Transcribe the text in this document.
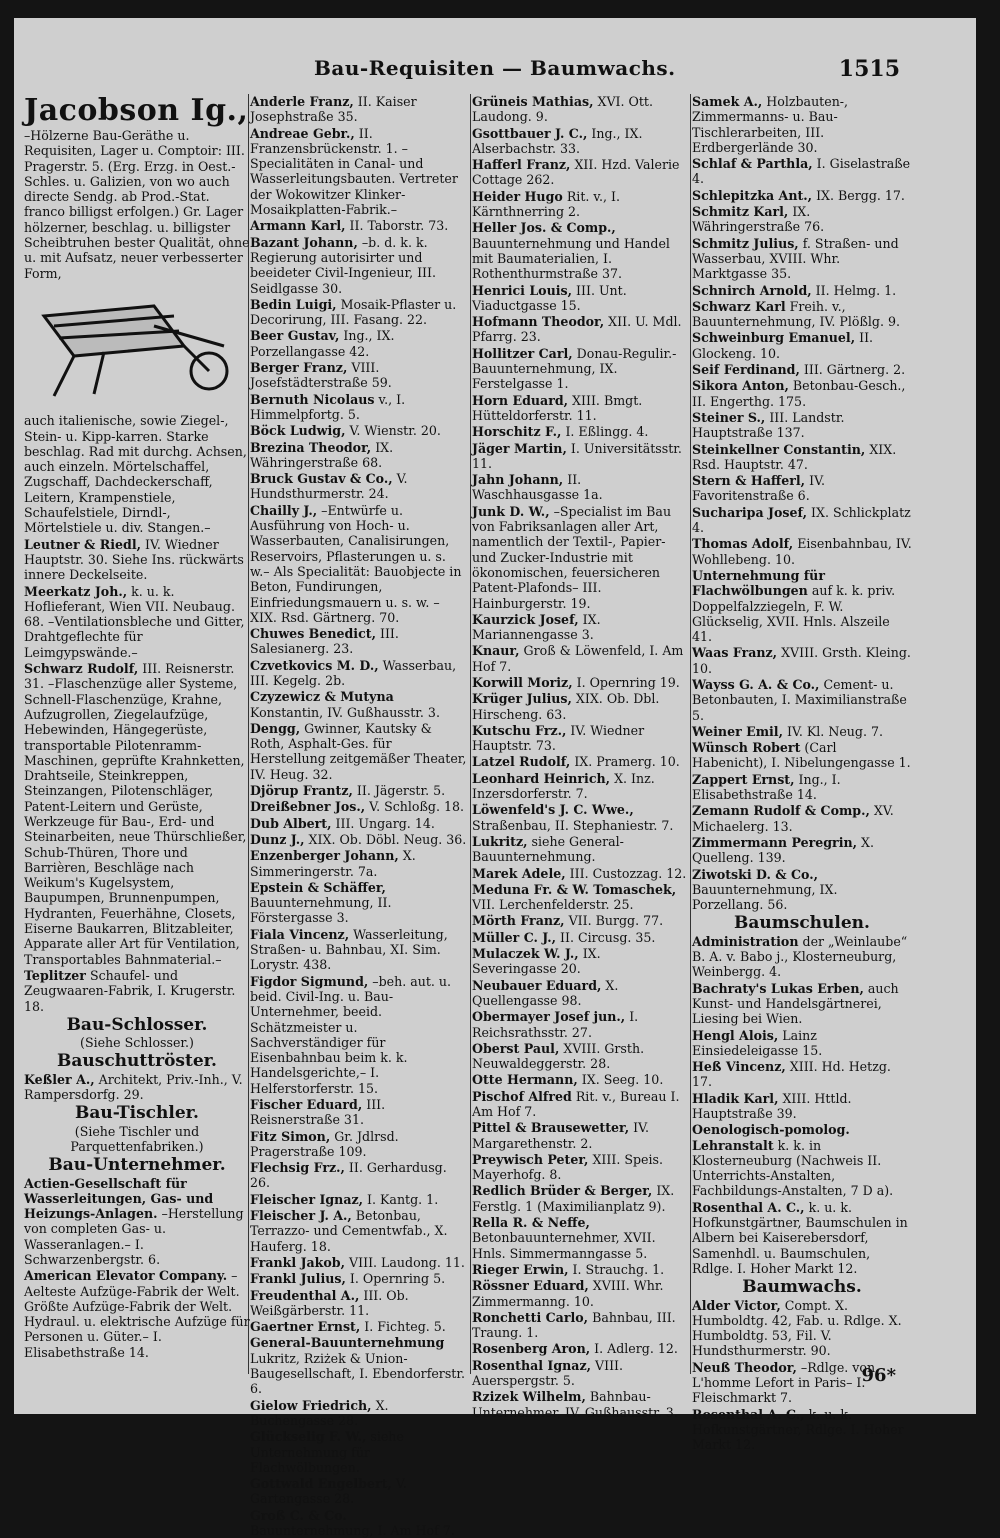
Bau-Requisiten — Baumwachs.	1515
Jacobson Ig.,
–Hölzerne Bau-Geräthe u. Requisiten, Lager u. Comptoir: III. Pragerstr. 5. (Erg. Erzg. in Oest.-Schles. u. Galizien, von wo auch directe Sendg. ab Prod.-Stat. franco billigst erfolgen.) Gr. Lager hölzerner, beschlag. u. billigster Scheibtruhen bester Qualität, ohne u. mit Aufsatz, neuer verbesserter Form,
auch italienische, sowie Ziegel-, Stein- u. Kipp-karren. Starke beschlag. Rad mit durchg. Achsen, auch einzeln. Mörtelschaffel, Zugschaff, Dachdeckerschaff, Leitern, Krampenstiele, Schaufelstiele, Dirndl-, Mörtelstiele u. div. Stangen.–
Leutner & Riedl, IV. Wiedner Hauptstr. 30. Siehe Ins. rückwärts innere Deckelseite.
Meerkatz Joh., k. u. k. Hoflieferant, Wien VII. Neubaug. 68. –Ventilationsbleche und Gitter, Drahtgeflechte für Leimgypswände.–
Schwarz Rudolf, III. Reisnerstr. 31. –Flaschenzüge aller Systeme, Schnell-Flaschenzüge, Krahne, Aufzugrollen, Ziegelaufzüge, Hebewinden, Hängegerüste, transportable Pilotenramm-Maschinen, geprüfte Krahnketten, Drahtseile, Steinkreppen, Steinzangen, Pilotenschläger, Patent-Leitern und Gerüste, Werkzeuge für Bau-, Erd- und Steinarbeiten, neue Thürschließer, Schub-Thüren, Thore und Barrièren, Beschläge nach Weikum's Kugelsystem, Baupumpen, Brunnenpumpen, Hydranten, Feuerhähne, Closets, Eiserne Baukarren, Blitzableiter, Apparate aller Art für Ventilation, Transportables Bahnmaterial.–
Teplitzer Schaufel- und Zeugwaaren-Fabrik, I. Krugerstr. 18.
Bau-Schlosser.
(Siehe Schlosser.)
Bauschuttröster.
Keßler A., Architekt, Priv.-Inh., V. Rampersdorfg. 29.
Bau-Tischler.
(Siehe Tischler und Parquettenfabriken.)
Bau-Unternehmer.
Actien-Gesellschaft für Wasserleitungen, Gas- und Heizungs-Anlagen. –Herstellung von completen Gas- u. Wasseranlagen.– I. Schwarzenbergstr. 6.
American Elevator Company. –Aelteste Aufzüge-Fabrik der Welt. Größte Aufzüge-Fabrik der Welt. Hydraul. u. elektrische Aufzüge für Personen u. Güter.– I. Elisabethstraße 14.
Anderle Franz, II. Kaiser Josephstraße 35.
Andreae Gebr., II. Franzensbrückenstr. 1. –Specialitäten in Canal- und Wasserleitungsbauten. Vertreter der Wokowitzer Klinker-Mosaikplatten-Fabrik.–
Armann Karl, II. Taborstr. 73.
Bazant Johann, –b. d. k. k. Regierung autorisirter und beeideter Civil-Ingenieur, III. Seidlgasse 30.
Bedin Luigi, Mosaik-Pflaster u. Decorirung, III. Fasang. 22.
Beer Gustav, Ing., IX. Porzellangasse 42.
Berger Franz, VIII. Josefstädterstraße 59.
Bernuth Nicolaus v., I. Himmelpfortg. 5.
Böck Ludwig, V. Wienstr. 20.
Brezina Theodor, IX. Währingerstraße 68.
Bruck Gustav & Co., V. Hundsthurmerstr. 24.
Chailly J., –Entwürfe u. Ausführung von Hoch- u. Wasserbauten, Canalisirungen, Reservoirs, Pflasterungen u. s. w.– Als Specialität: Bauobjecte in Beton, Fundirungen, Einfriedungsmauern u. s. w. – XIX. Rsd. Gärtnerg. 70.
Chuwes Benedict, III. Salesianerg. 23.
Czvetkovics M. D., Wasserbau, III. Kegelg. 2b.
Czyzewicz & Mutyna Konstantin, IV. Gußhausstr. 3.
Dengg, Gwinner, Kautsky & Roth, Asphalt-Ges. für Herstellung zeitgemäßer Theater, IV. Heug. 32.
Djörup Frantz, II. Jägerstr. 5.
Dreißebner Jos., V. Schloßg. 18.
Dub Albert, III. Ungarg. 14.
Dunz J., XIX. Ob. Döbl. Neug. 36.
Enzenberger Johann, X. Simmeringerstr. 7a.
Epstein & Schäffer, Bauunternehmung, II. Förstergasse 3.
Fiala Vincenz, Wasserleitung, Straßen- u. Bahnbau, XI. Sim. Lorystr. 438.
Figdor Sigmund, –beh. aut. u. beid. Civil-Ing. u. Bau-Unternehmer, beeid. Schätzmeister u. Sachverständiger für Eisenbahnbau beim k. k. Handelsgerichte,– I. Helferstorferstr. 15.
Fischer Eduard, III. Reisnerstraße 31.
Fitz Simon, Gr. Jdlrsd. Pragerstraße 109.
Flechsig Frz., II. Gerhardusg. 26.
Fleischer Ignaz, I. Kantg. 1.
Fleischer J. A., Betonbau, Terrazzo- und Cementwfab., X. Hauferg. 18.
Frankl Jakob, VIII. Laudong. 11.
Frankl Julius, I. Opernring 5.
Freudenthal A., III. Ob. Weißgärberstr. 11.
Gaertner Ernst, I. Fichteg. 5.
General-Bauunternehmung Lukritz, Rziżek & Union-Baugesellschaft, I. Ebendorferstr. 6.
Gielow Friedrich, X. Buchengasse 28.
Glückselig F. W., siehe Unternehmung für Flachwölbungen.
Gottwald Engelbert, V. Gartengasse 28.
Groß C. & Co. Bauunternehmung, I. Am Hof 7.
Grüneis Mathias, XVI. Ott. Laudong. 9.
Gsottbauer J. C., Ing., IX. Alserbachstr. 33.
Hafferl Franz, XII. Hzd. Valerie Cottage 262.
Heider Hugo Rit. v., I. Kärnthnerring 2.
Heller Jos. & Comp., Bauunternehmung und Handel mit Baumaterialien, I. Rothenthurmstraße 37.
Henrici Louis, III. Unt. Viaductgasse 15.
Hofmann Theodor, XII. U. Mdl. Pfarrg. 23.
Hollitzer Carl, Donau-Regulir.-Bauunternehmung, IX. Ferstelgasse 1.
Horn Eduard, XIII. Bmgt. Hütteldorferstr. 11.
Horschitz F., I. Eßlingg. 4.
Jäger Martin, I. Universitätsstr. 11.
Jahn Johann, II. Waschhausgasse 1a.
Junk D. W., –Specialist im Bau von Fabriksanlagen aller Art, namentlich der Textil-, Papier- und Zucker-Industrie mit ökonomischen, feuersicheren Patent-Plafonds– III. Hainburgerstr. 19.
Kaurzick Josef, IX. Mariannengasse 3.
Knaur, Groß & Löwenfeld, I. Am Hof 7.
Korwill Moriz, I. Opernring 19.
Krüger Julius, XIX. Ob. Dbl. Hirscheng. 63.
Kutschu Frz., IV. Wiedner Hauptstr. 73.
Latzel Rudolf, IX. Pramerg. 10.
Leonhard Heinrich, X. Inz. Inzersdorferstr. 7.
Löwenfeld's J. C. Wwe., Straßenbau, II. Stephaniestr. 7.
Lukritz, siehe General-Bauunternehmung.
Marek Adele, III. Custozzag. 12.
Meduna Fr. & W. Tomaschek, VII. Lerchenfelderstr. 25.
Mörth Franz, VII. Burgg. 77.
Müller C. J., II. Circusg. 35.
Mulaczek W. J., IX. Severingasse 20.
Neubauer Eduard, X. Quellengasse 98.
Obermayer Josef jun., I. Reichsrathsstr. 27.
Oberst Paul, XVIII. Grsth. Neuwaldeggerstr. 28.
Otte Hermann, IX. Seeg. 10.
Pischof Alfred Rit. v., Bureau I. Am Hof 7.
Pittel & Brausewetter, IV. Margarethenstr. 2.
Preywisch Peter, XIII. Speis. Mayerhofg. 8.
Redlich Brüder & Berger, IX. Ferstlg. 1 (Maximilianplatz 9).
Rella R. & Neffe, Betonbauunternehmer, XVII. Hnls. Simmermanngasse 5.
Rieger Erwin, I. Strauchg. 1.
Rössner Eduard, XVIII. Whr. Zimmermanng. 10.
Ronchetti Carlo, Bahnbau, III. Traung. 1.
Rosenberg Aron, I. Adlerg. 12.
Rosenthal Ignaz, VIII. Auerspergstr. 5.
Rzizek Wilhelm, Bahnbau-Unternehmer, IV. Gußhausstr. 3.
Samek A., Holzbauten-, Zimmermanns- u. Bau-Tischlerarbeiten, III. Erdbergerlände 30.
Schlaf & Parthla, I. Giselastraße 4.
Schlepitzka Ant., IX. Bergg. 17.
Schmitz Karl, IX. Währingerstraße 76.
Schmitz Julius, f. Straßen- und Wasserbau, XVIII. Whr. Marktgasse 35.
Schnirch Arnold, II. Helmg. 1.
Schwarz Karl Freih. v., Bauunternehmung, IV. Plößlg. 9.
Schweinburg Emanuel, II. Glockeng. 10.
Seif Ferdinand, III. Gärtnerg. 2.
Sikora Anton, Betonbau-Gesch., II. Engerthg. 175.
Steiner S., III. Landstr. Hauptstraße 137.
Steinkellner Constantin, XIX. Rsd. Hauptstr. 47.
Stern & Hafferl, IV. Favoritenstraße 6.
Sucharipa Josef, IX. Schlickplatz 4.
Thomas Adolf, Eisenbahnbau, IV. Wohllebeng. 10.
Unternehmung für Flachwölbungen auf k. k. priv. Doppelfalzziegeln, F. W. Glückselig, XVII. Hnls. Alszeile 41.
Waas Franz, XVIII. Grsth. Kleing. 10.
Wayss G. A. & Co., Cement- u. Betonbauten, I. Maximilianstraße 5.
Weiner Emil, IV. Kl. Neug. 7.
Wünsch Robert (Carl Habenicht), I. Nibelungengasse 1.
Zappert Ernst, Ing., I. Elisabethstraße 14.
Zemann Rudolf & Comp., XV. Michaelerg. 13.
Zimmermann Peregrin, X. Quelleng. 139.
Ziwotski D. & Co., Bauunternehmung, IX. Porzellang. 56.
Baumschulen.
Administration der „Weinlaube“ B. A. v. Babo j., Klosterneuburg, Weinbergg. 4.
Bachraty's Lukas Erben, auch Kunst- und Handelsgärtnerei, Liesing bei Wien.
Hengl Alois, Lainz Einsiedeleigasse 15.
Heß Vincenz, XIII. Hd. Hetzg. 17.
Hladik Karl, XIII. Httld. Hauptstraße 39.
Oenologisch-pomolog. Lehranstalt k. k. in Klosterneuburg (Nachweis II. Unterrichts-Anstalten, Fachbildungs-Anstalten, 7 D a).
Rosenthal A. C., k. u. k. Hofkunstgärtner, Baumschulen in Albern bei Kaiserebersdorf, Samenhdl. u. Baumschulen, Rdlge. I. Hoher Markt 12.
Baumwachs.
Alder Victor, Compt. X. Humboldtg. 42, Fab. u. Rdlge. X. Humboldtg. 53, Fil. V. Hundsthurmerstr. 90.
Neuß Theodor, –Rdlge. von L'homme Lefort in Paris– I. Fleischmarkt 7.
Rosenthal A. C., k. u. k. Hofkunstgärtner, Rdlge. I. Hoher Markt 12.
96*
